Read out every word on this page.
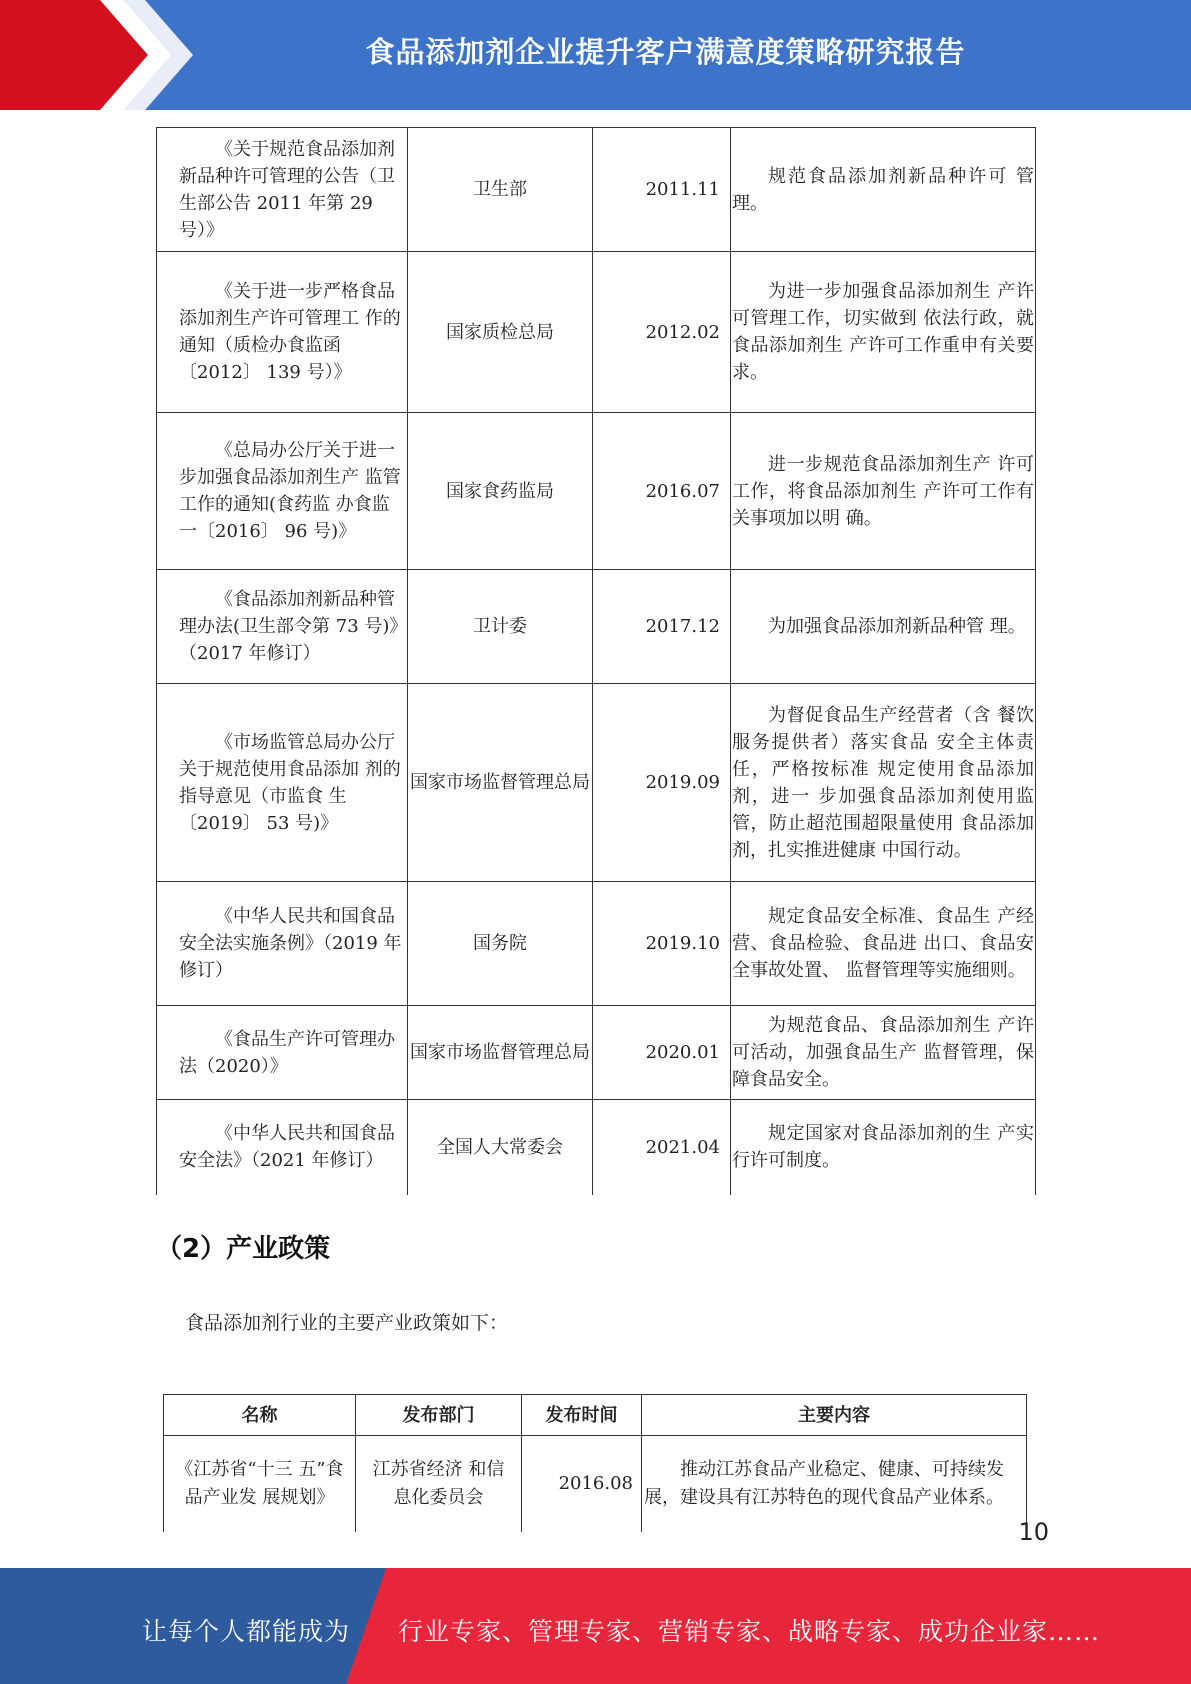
食品添加剂企业提升客户满意度策略研究报告
《关于规范食品添加剂 新品种许可管理的公告（卫生部公告 2011 年第 29 号）》	卫生部	2011.11	规范食品添加剂新品种许可 管理。

《关于进一步严格食品 添加剂生产许可管理工 作的通知（质检办食监函〔2012〕 139 号）》	国家质检总局	2012.02	为进一步加强食品添加剂生 产许可管理工作，切实做到 依法行政，就食品添加剂生 产许可工作重申有关要求。

《总局办公厅关于进一 步加强食品添加剂生产 监管工作的通知(食药监 办食监一〔2016〕 96 号)》	国家食药监局	2016.07	进一步规范食品添加剂生产 许可工作，将食品添加剂生 产许可工作有关事项加以明 确。

《食品添加剂新品种管 理办法(卫生部令第 73 号)》（2017 年修订）	卫计委	2017.12	为加强食品添加剂新品种管 理。

《市场监管总局办公厅 关于规范使用食品添加 剂的指导意见（市监食 生〔2019〕 53 号)》	国家市场监督管理总局	2019.09	为督促食品生产经营者（含 餐饮服务提供者）落实食品 安全主体责任，严格按标准 规定使用食品添加剂，进一 步加强食品添加剂使用监 管，防止超范围超限量使用 食品添加剂，扎实推进健康 中国行动。

《中华人民共和国食品 安全法实施条例》（2019 年修订）	国务院	2019.10	规定食品安全标准、食品生 产经营、食品检验、食品进 出口、食品安全事故处置、 监督管理等实施细则。

《食品生产许可管理办法（2020）》	国家市场监督管理总局	2020.01	为规范食品、食品添加剂生 产许可活动，加强食品生产 监督管理，保障食品安全。

《中华人民共和国食品 安全法》（2021 年修订）	全国人大常委会	2021.04	规定国家对食品添加剂的生 产实行许可制度。
（2）产业政策
食品添加剂行业的主要产业政策如下：
名称	发布部门	发布时间	主要内容
《江苏省“十三 五”食品产业发 展规划》	江苏省经济 和信息化委员会	2016.08	推动江苏食品产业稳定、健康、可持续发展，建设具有江苏特色的现代食品产业体系。
10
让每个人都能成为 行业专家、管理专家、营销专家、战略专家、成功企业家……
